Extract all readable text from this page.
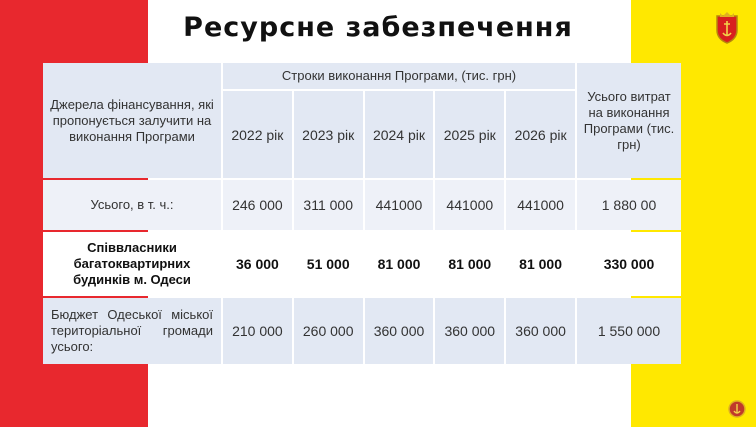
Ресурсне забезпечення
Джерела фінансування, які пропонується залучити на виконання Програми	Строки виконання Програми, (тис. грн)					Усього витрат на виконання Програми (тис. грн)
	2022 рік	2023 рік	2024 рік	2025 рік	2026 рік	
Усього, в т. ч.:	246 000	311 000	441000	441000	441000	1 880 00
Співвласники багатоквартирних будинків м. Одеси	36 000	51 000	81 000	81 000	81 000	330 000
Бюджет Одеської міської територіальної громади усього:	210 000	260 000	360 000	360 000	360 000	1 550 000
